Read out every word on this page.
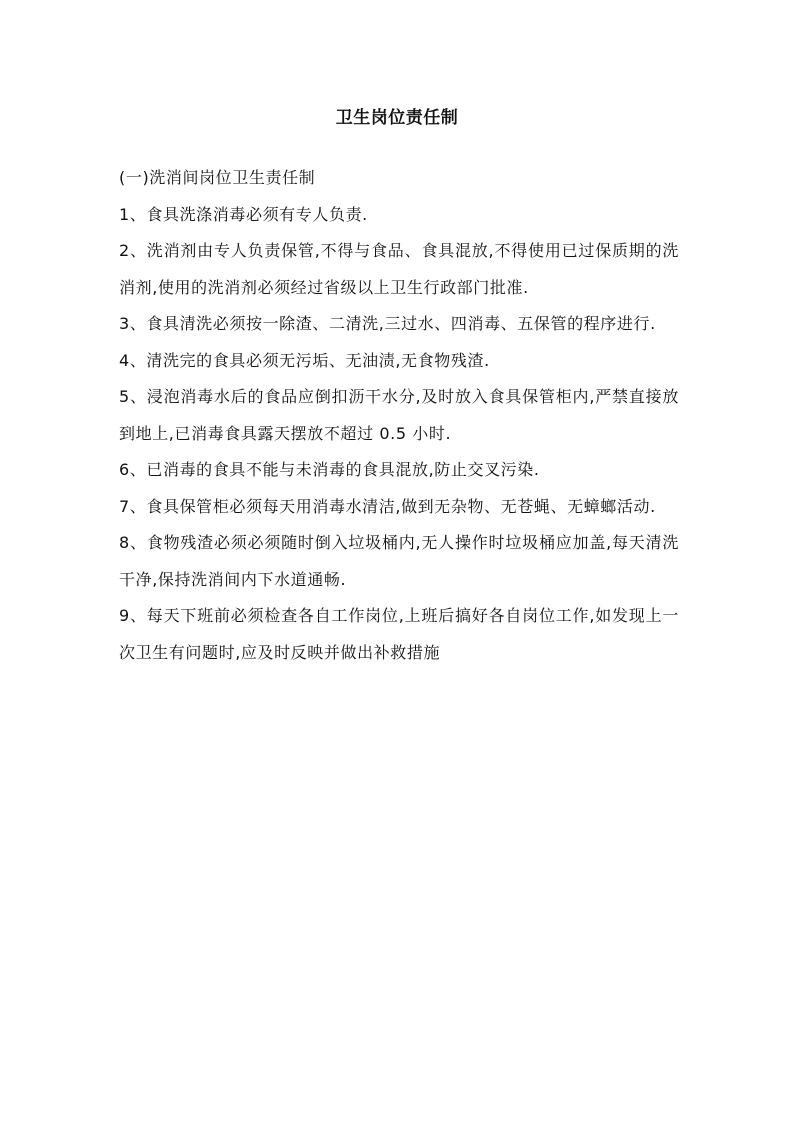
卫生岗位责任制

(一)洗消间岗位卫生责任制

1、食具洗涤消毒必须有专人负责.

2、洗消剂由专人负责保管,不得与食品、食具混放,不得使用已过保质期的洗消剂,使用的洗消剂必须经过省级以上卫生行政部门批准.

3、食具清洗必须按一除渣、二清洗,三过水、四消毒、五保管的程序进行.

4、清洗完的食具必须无污垢、无油渍,无食物残渣.

5、浸泡消毒水后的食品应倒扣沥干水分,及时放入食具保管柜内,严禁直接放到地上,已消毒食具露天摆放不超过 0.5 小时.

6、已消毒的食具不能与未消毒的食具混放,防止交叉污染.

7、食具保管柜必须每天用消毒水清洁,做到无杂物、无苍蝇、无蟑螂活动.

8、食物残渣必须必须随时倒入垃圾桶内,无人操作时垃圾桶应加盖,每天清洗干净,保持洗消间内下水道通畅.

9、每天下班前必须检查各自工作岗位,上班后搞好各自岗位工作,如发现上一次卫生有问题时,应及时反映并做出补救措施
